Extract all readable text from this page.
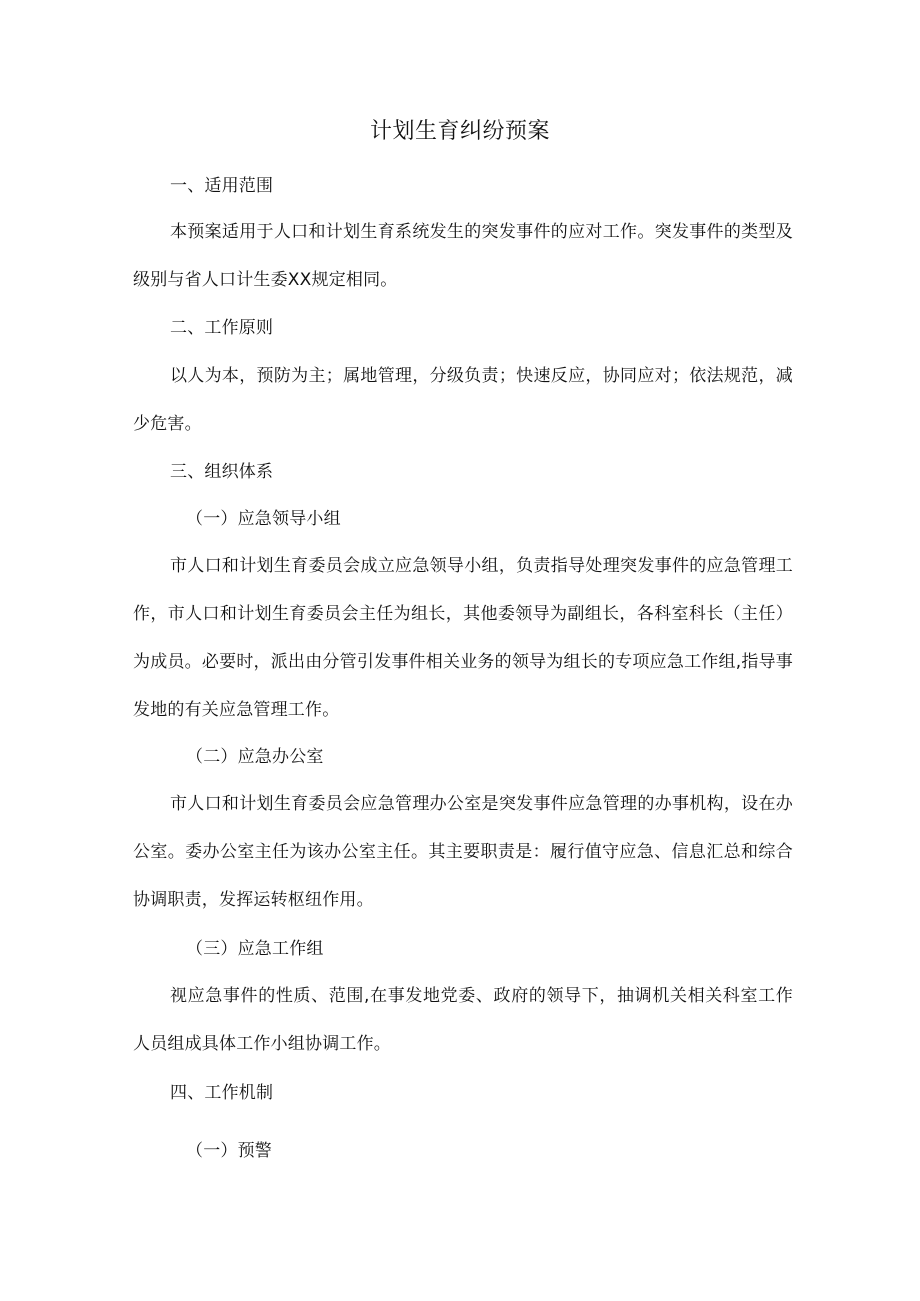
计划生育纠纷预案
一、适用范围
本预案适用于人口和计划生育系统发生的突发事件的应对工作。突发事件的类型及级别与省人口计生委XX规定相同。
二、工作原则
以人为本，预防为主；属地管理，分级负责；快速反应，协同应对；依法规范，减少危害。
三、组织体系
（一）应急领导小组
市人口和计划生育委员会成立应急领导小组，负责指导处理突发事件的应急管理工作，市人口和计划生育委员会主任为组长，其他委领导为副组长，各科室科长（主任）为成员。必要时，派出由分管引发事件相关业务的领导为组长的专项应急工作组,指导事发地的有关应急管理工作。
（二）应急办公室
市人口和计划生育委员会应急管理办公室是突发事件应急管理的办事机构，设在办公室。委办公室主任为该办公室主任。其主要职责是：履行值守应急、信息汇总和综合协调职责，发挥运转枢纽作用。
（三）应急工作组
视应急事件的性质、范围,在事发地党委、政府的领导下，抽调机关相关科室工作人员组成具体工作小组协调工作。
四、工作机制
（一）预警
